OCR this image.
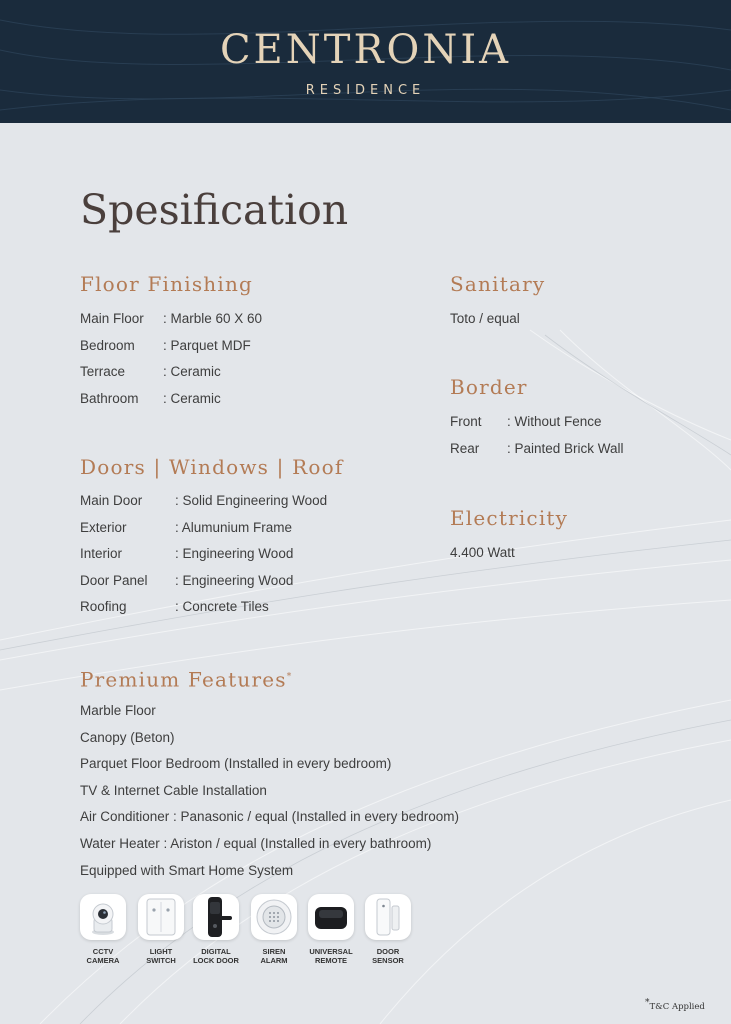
CENTRONIA
RESIDENCE
Spesification
Floor Finishing
Main Floor : Marble 60 X 60
Bedroom : Parquet MDF
Terrace	: Ceramic
Bathroom : Ceramic
Doors | Windows | Roof
Main Door : Solid Engineering Wood
Exterior	: Alumunium Frame
Interior	: Engineering Wood
Door Panel : Engineering Wood
Roofing	: Concrete Tiles
Sanitary
Toto / equal
Border
Front : Without Fence
Rear : Painted Brick Wall
Electricity
4.400 Watt
Premium Features*
Marble Floor
Canopy (Beton)
Parquet Floor Bedroom (Installed in every bedroom)
TV & Internet Cable Installation
Air Conditioner : Panasonic / equal (Installed in every bedroom)
Water Heater : Ariston / equal (Installed in every bathroom)
Equipped with Smart Home System
CCTV
CAMERA
LIGHT
SWITCH
DIGITAL
LOCK DOOR
SIREN
ALARM
UNIVERSAL
REMOTE
DOOR
SENSOR
*T&C Applied
